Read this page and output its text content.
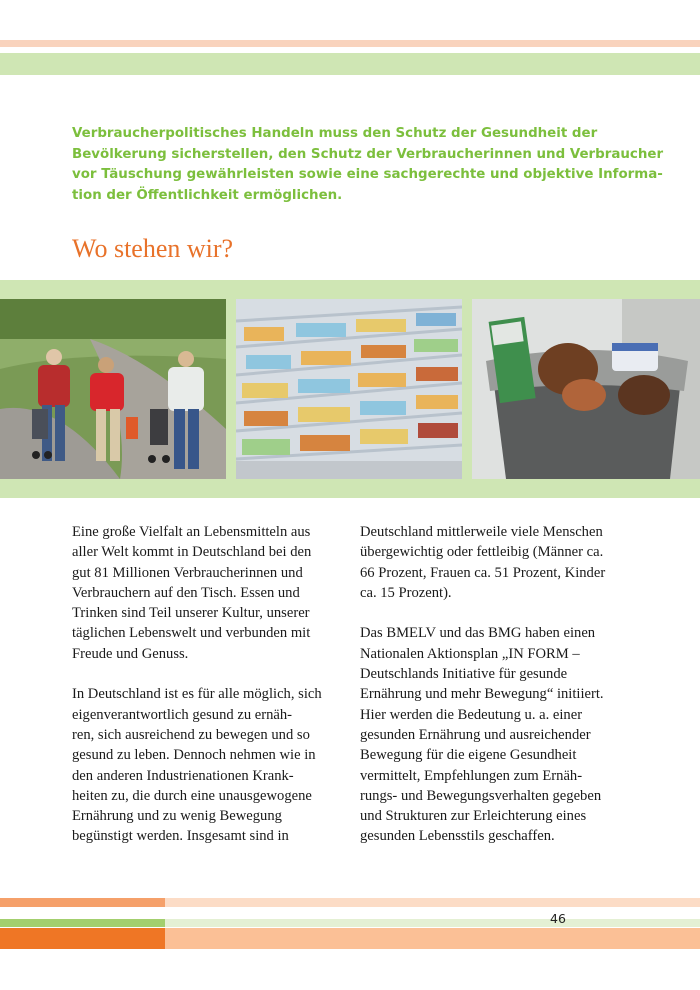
Verbraucherpolitisches Handeln muss den Schutz der Gesundheit der
Bevölkerung sicherstellen, den Schutz der Verbraucherinnen und Verbraucher
vor Täuschung gewährleisten sowie eine sachgerechte und objektive Informa-
tion der Öffentlichkeit ermöglichen.
Wo stehen wir?

Eine große Vielfalt an Lebensmitteln aus
aller Welt kommt in Deutschland bei den
gut 81 Millionen Verbraucherinnen und
Verbrauchern auf den Tisch. Essen und
Trinken sind Teil unserer Kultur, unserer
täglichen Lebenswelt und verbunden mit
Freude und Genuss.

In Deutschland ist es für alle möglich, sich
eigenverantwortlich gesund zu ernäh-
ren, sich ausreichend zu bewegen und so
gesund zu leben. Dennoch nehmen wie in
den anderen Industrienationen Krank-
heiten zu, die durch eine unausgewogene
Ernährung und zu wenig Bewegung
begünstigt werden. Insgesamt sind in

Deutschland mittlerweile viele Menschen
übergewichtig oder fettleibig (Männer ca.
66 Prozent, Frauen ca. 51 Prozent, Kinder
ca. 15 Prozent).

Das BMELV und das BMG haben einen
Nationalen Aktionsplan „IN FORM –
Deutschlands Initiative für gesunde
Ernährung und mehr Bewegung“ initiiert.
Hier werden die Bedeutung u. a. einer
gesunden Ernährung und ausreichender
Bewegung für die eigene Gesundheit
vermittelt, Empfehlungen zum Ernäh-
rungs- und Bewegungsverhalten gegeben
und Strukturen zur Erleichterung eines
gesunden Lebensstils geschaffen.

46
